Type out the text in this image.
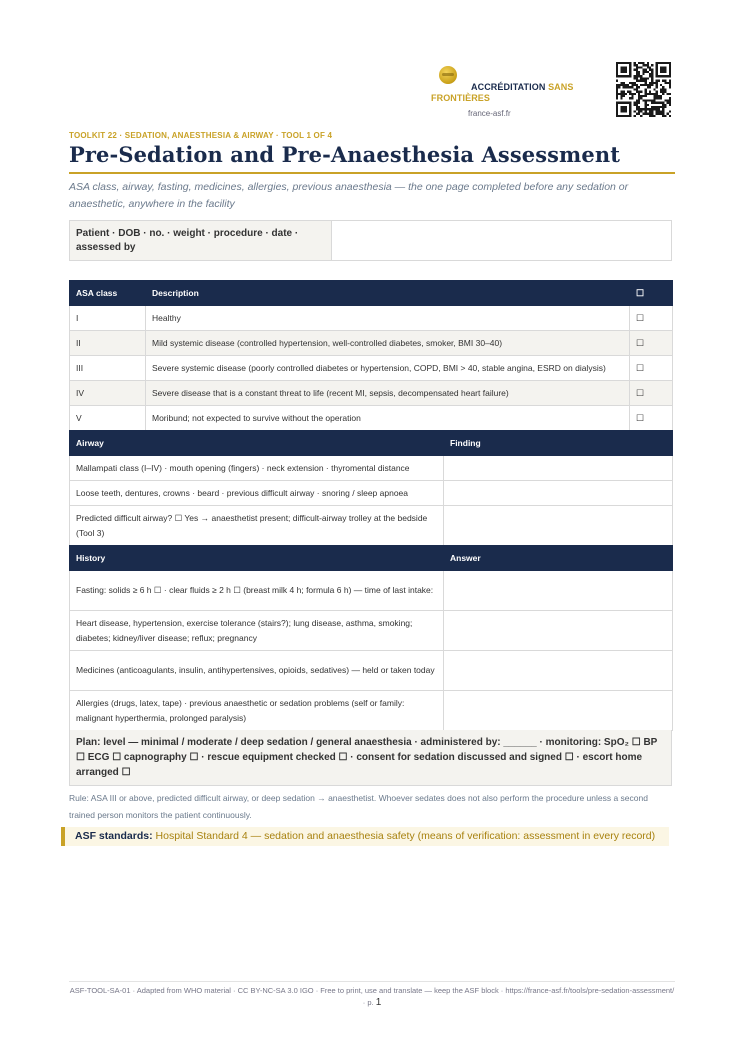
ACCRÉDITATION SANS
FRONTIÈRES
france-asf.fr
TOOLKIT 22 · SEDATION, ANAESTHESIA & AIRWAY · TOOL 1 OF 4
Pre-Sedation and Pre-Anaesthesia Assessment
ASA class, airway, fasting, medicines, allergies, previous anaesthesia — the one page completed before any sedation or anaesthetic, anywhere in the facility
Patient · DOB · no. · weight · procedure · date · assessed by
ASA class	Description	☐
I	Healthy	☐
II	Mild systemic disease (controlled hypertension, well-controlled diabetes, smoker, BMI 30–40)	☐
III	Severe systemic disease (poorly controlled diabetes or hypertension, COPD, BMI > 40, stable angina, ESRD on dialysis)	☐
IV	Severe disease that is a constant threat to life (recent MI, sepsis, decompensated heart failure)	☐
V	Moribund; not expected to survive without the operation	☐
Airway	Finding
Mallampati class (I–IV) · mouth opening (fingers) · neck extension · thyromental distance	
Loose teeth, dentures, crowns · beard · previous difficult airway · snoring / sleep apnoea	
Predicted difficult airway? ☐ Yes → anaesthetist present; difficult-airway trolley at the bedside (Tool 3)	
History	Answer
Fasting: solids ≥ 6 h ☐ · clear fluids ≥ 2 h ☐ (breast milk 4 h; formula 6 h) — time of last intake:	
Heart disease, hypertension, exercise tolerance (stairs?); lung disease, asthma, smoking; diabetes; kidney/liver disease; reflux; pregnancy	
Medicines (anticoagulants, insulin, antihypertensives, opioids, sedatives) — held or taken today	
Allergies (drugs, latex, tape) · previous anaesthetic or sedation problems (self or family: malignant hyperthermia, prolonged paralysis)	
Plan: level — minimal / moderate / deep sedation / general anaesthesia · administered by: ______ · monitoring: SpO₂ ☐ BP ☐ ECG ☐ capnography ☐ · rescue equipment checked ☐ · consent for sedation discussed and signed ☐ · escort home arranged ☐
Rule: ASA III or above, predicted difficult airway, or deep sedation → anaesthetist. Whoever sedates does not also perform the procedure unless a second trained person monitors the patient continuously.
ASF standards: Hospital Standard 4 — sedation and anaesthesia safety (means of verification: assessment in every record)
ASF-TOOL-SA-01 · Adapted from WHO material · CC BY-NC-SA 3.0 IGO · Free to print, use and translate — keep the ASF block · https://france-asf.fr/tools/pre-sedation-assessment/ · p. 1
